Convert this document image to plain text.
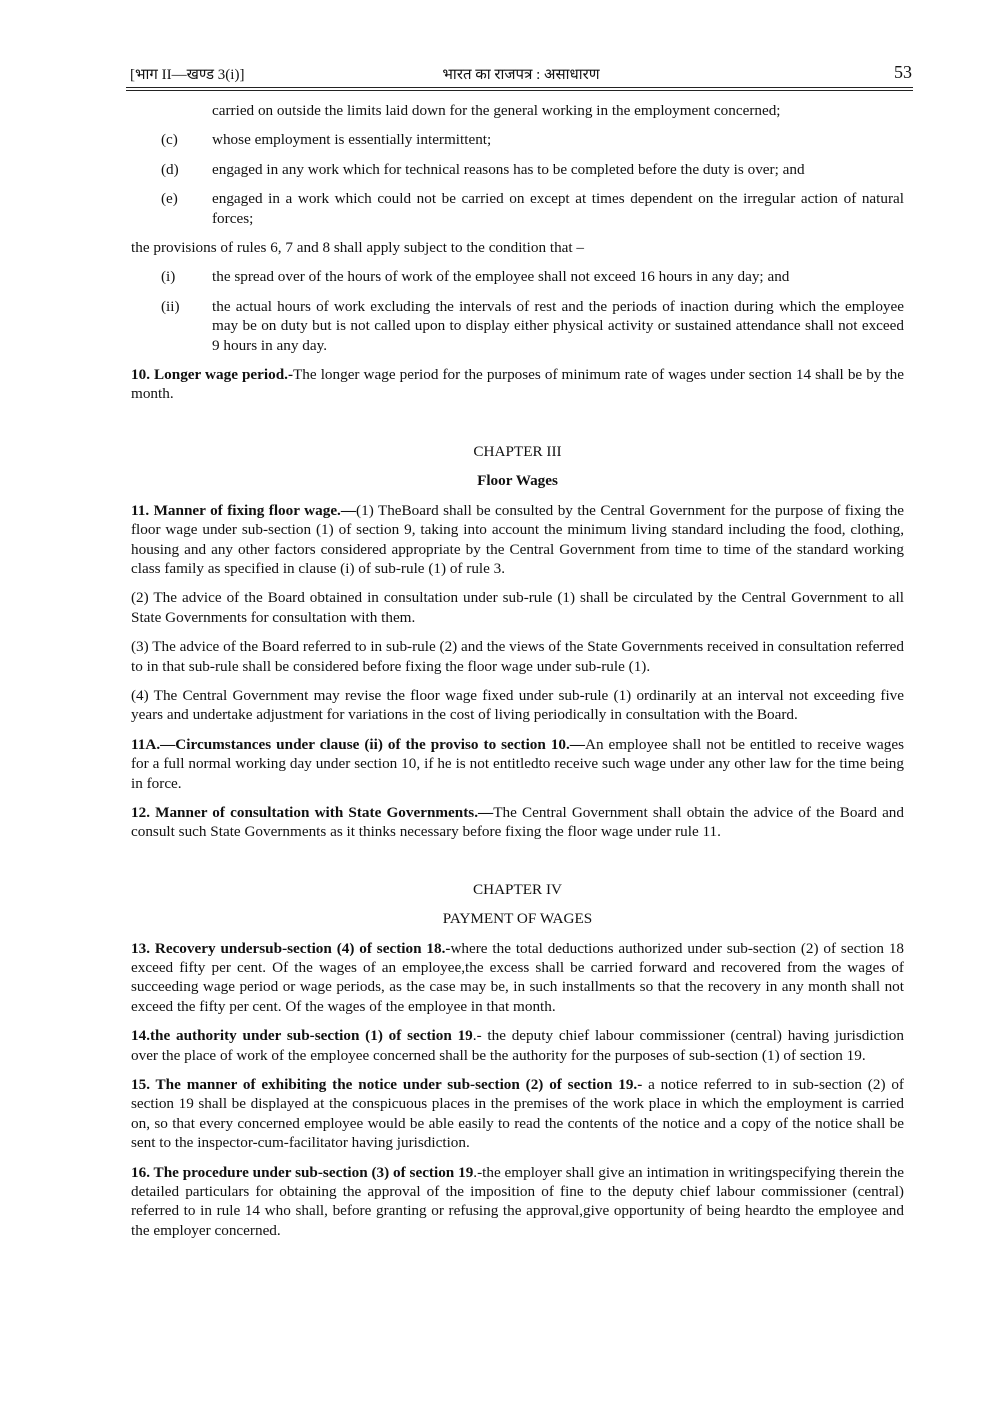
[भाग II—खण्ड 3(i)]	भारत का राजपत्र : असाधारण	53

carried on outside the limits laid down for the general working in the employment concerned;

(c)	whose employment is essentially intermittent;
(d)	engaged in any work which for technical reasons has to be completed before the duty is over; and
(e)	engaged in a work which could not be carried on except at times dependent on the irregular action of natural forces;

the provisions of rules 6, 7 and 8 shall apply subject to the condition that –

(i)	the spread over of the hours of work of the employee shall not exceed 16 hours in any day; and
(ii)	the actual hours of work excluding the intervals of rest and the periods of inaction during which the employee may be on duty but is not called upon to display either physical activity or sustained attendance shall not exceed 9 hours in any day.

10. Longer wage period.-The longer wage period for the purposes of minimum rate of wages under section 14 shall be by the month.

CHAPTER III
Floor Wages

11. Manner of fixing floor wage.—(1) TheBoard shall be consulted by the Central Government for the purpose of fixing the floor wage under sub-section (1) of section 9, taking into account the minimum living standard including the food, clothing, housing and any other factors considered appropriate by the Central Government from time to time of the standard working class family as specified in clause (i) of sub-rule (1) of rule 3.

(2) The advice of the Board obtained in consultation under sub-rule (1) shall be circulated by the Central Government to all State Governments for consultation with them.

(3) The advice of the Board referred to in sub-rule (2) and the views of the State Governments received in consultation referred to in that sub-rule shall be considered before fixing the floor wage under sub-rule (1).

(4) The Central Government may revise the floor wage fixed under sub-rule (1) ordinarily at an interval not exceeding five years and undertake adjustment for variations in the cost of living periodically in consultation with the Board.

11A.—Circumstances under clause (ii) of the proviso to section 10.—An employee shall not be entitled to receive wages for a full normal working day under section 10, if he is not entitledto receive such wage under any other law for the time being in force.

12. Manner of consultation with State Governments.—The Central Government shall obtain the advice of the Board and consult such State Governments as it thinks necessary before fixing the floor wage under rule 11.

CHAPTER IV
PAYMENT OF WAGES

13. Recovery undersub-section (4) of section 18.-where the total deductions authorized under sub-section (2) of section 18 exceed fifty per cent. Of the wages of an employee,the excess shall be carried forward and recovered from the wages of succeeding wage period or wage periods, as the case may be, in such installments so that the recovery in any month shall not exceed the fifty per cent. Of the wages of the employee in that month.

14.the authority under sub-section (1) of section 19.- the deputy chief labour commissioner (central) having jurisdiction over the place of work of the employee concerned shall be the authority for the purposes of sub-section (1) of section 19.

15. The manner of exhibiting the notice under sub-section (2) of section 19.- a notice referred to in sub-section (2) of section 19 shall be displayed at the conspicuous places in the premises of the work place in which the employment is carried on, so that every concerned employee would be able easily to read the contents of the notice and a copy of the notice shall be sent to the inspector-cum-facilitator having jurisdiction.

16. The procedure under sub-section (3) of section 19.-the employer shall give an intimation in writingspecifying therein the detailed particulars for obtaining the approval of the imposition of fine to the deputy chief labour commissioner (central) referred to in rule 14 who shall, before granting or refusing the approval,give opportunity of being heardto the employee and the employer concerned.
